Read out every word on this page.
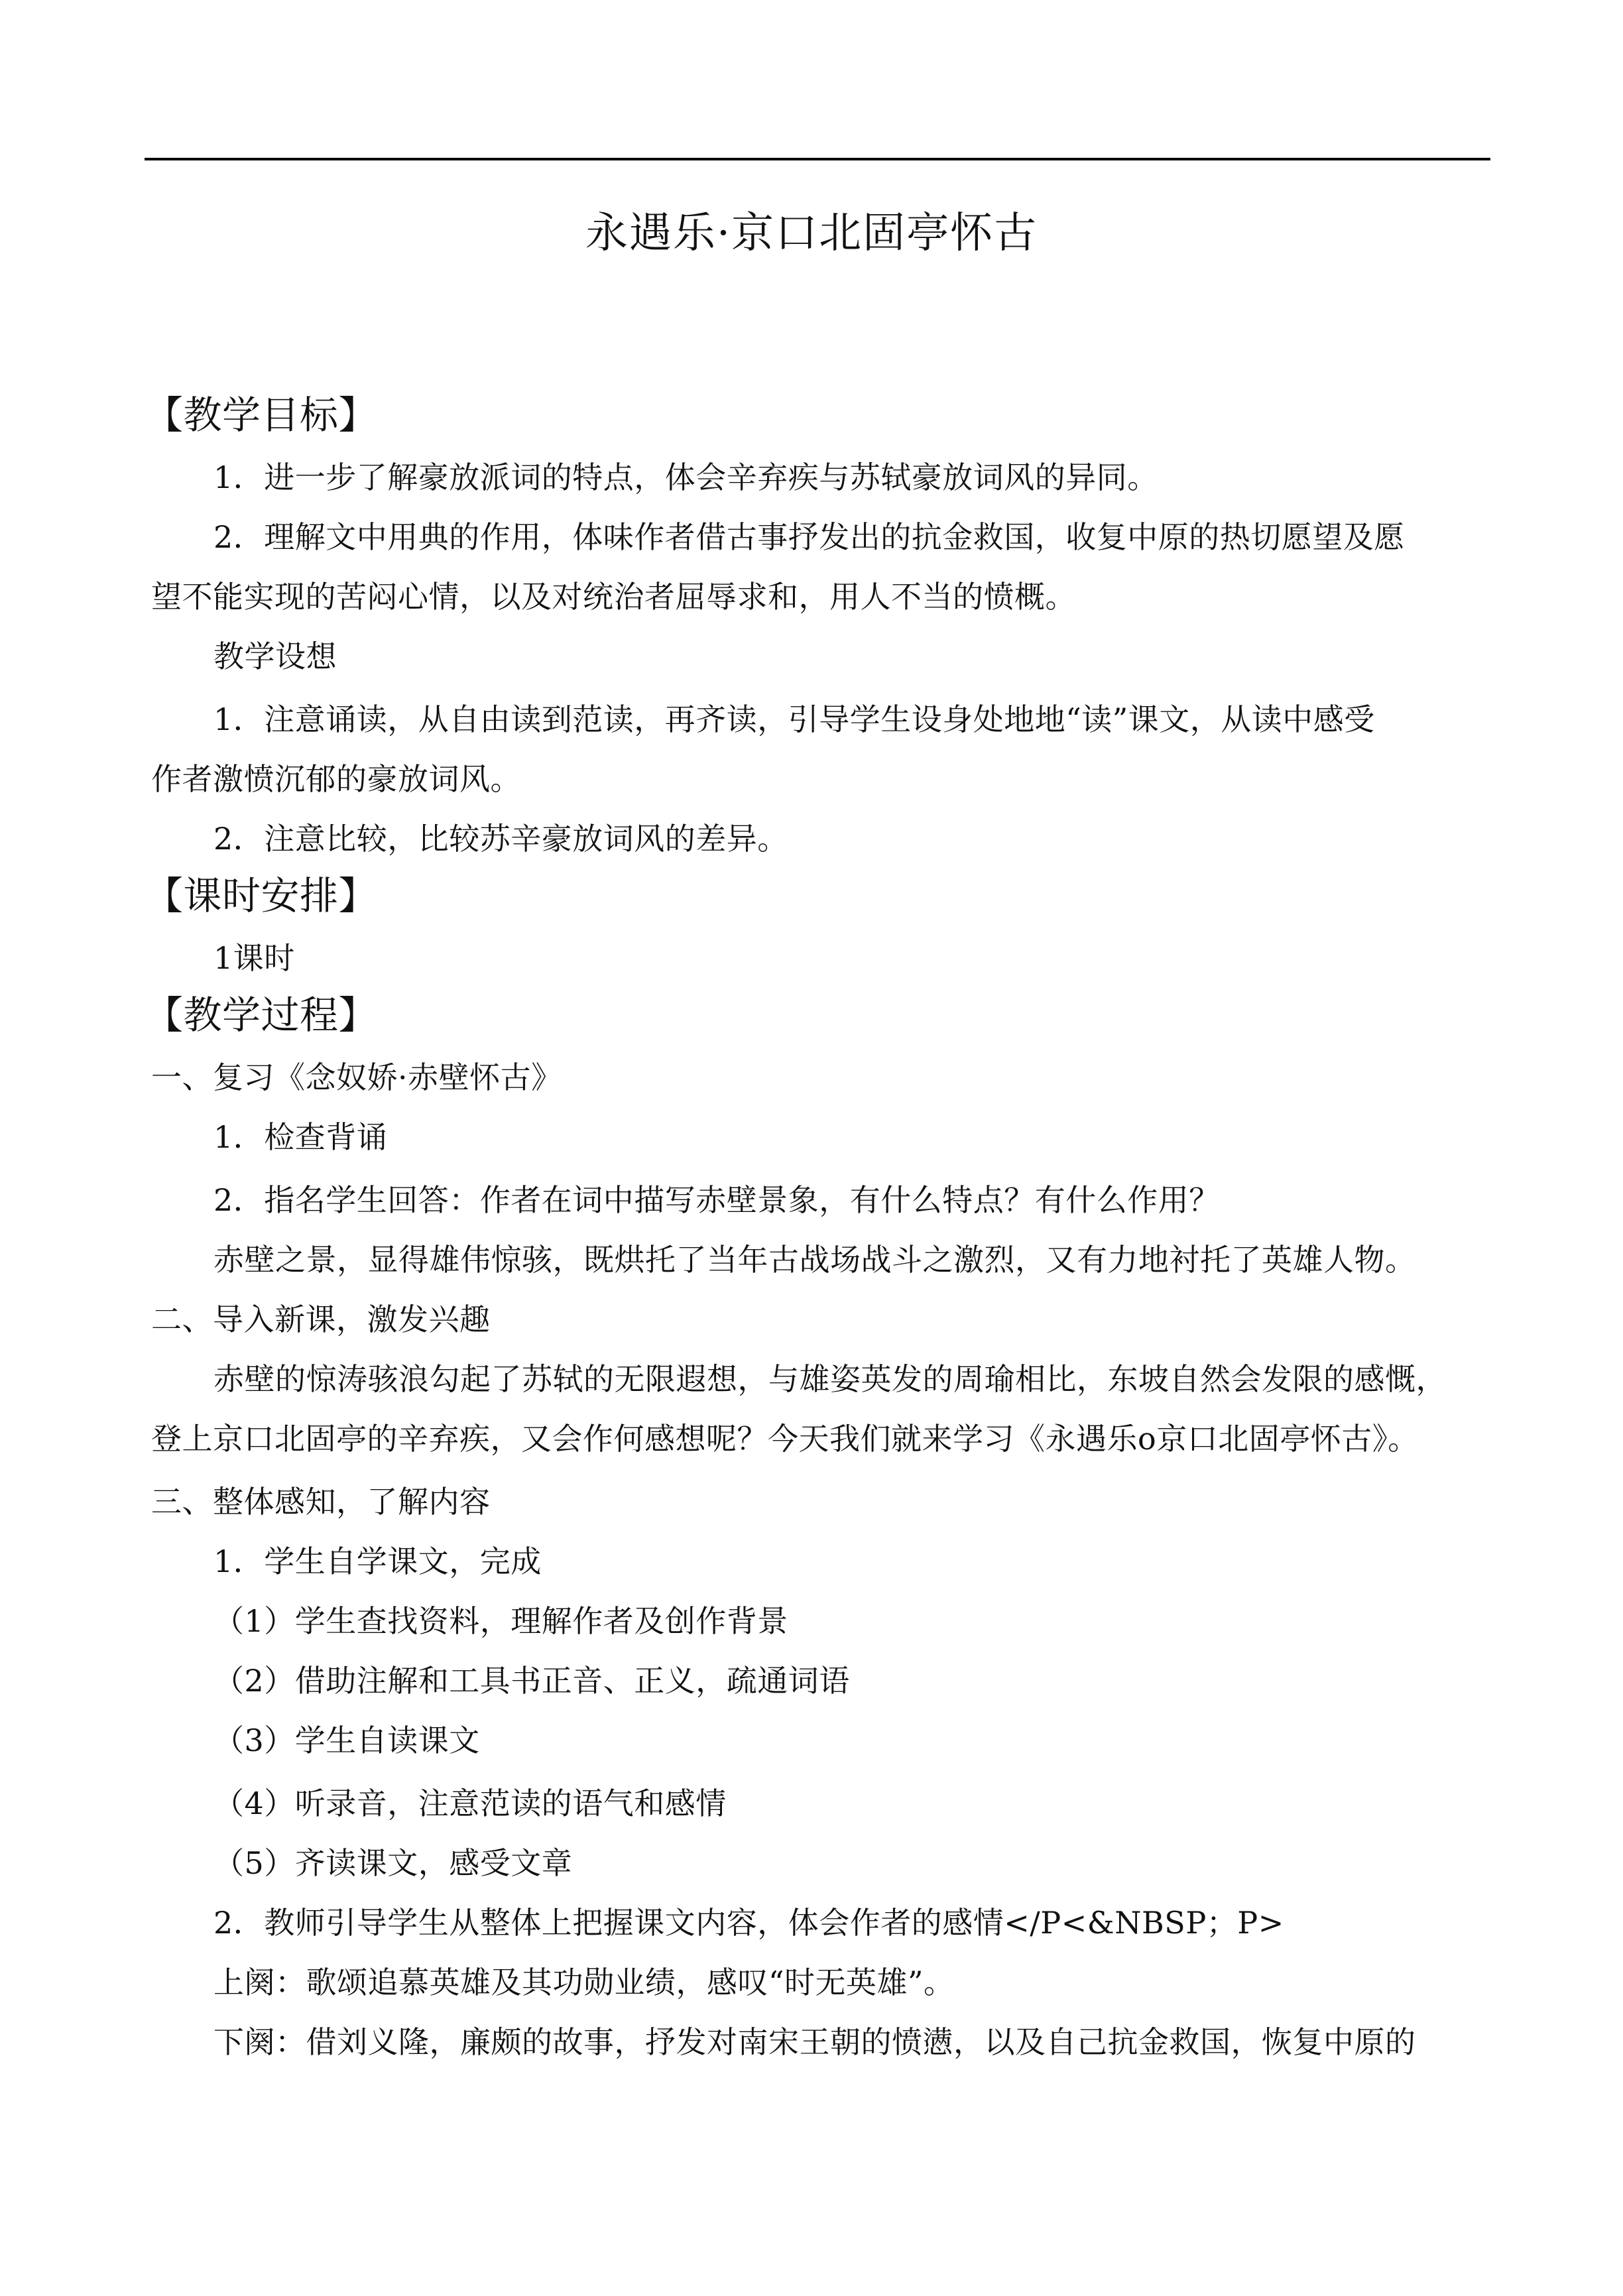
永遇乐·京口北固亭怀古
【教学目标】
1．进一步了解豪放派词的特点，体会辛弃疾与苏轼豪放词风的异同。
2．理解文中用典的作用，体味作者借古事抒发出的抗金救国，收复中原的热切愿望及愿
望不能实现的苦闷心情，以及对统治者屈辱求和，用人不当的愤概。
教学设想
1．注意诵读，从自由读到范读，再齐读，引导学生设身处地地“读”课文，从读中感受
作者激愤沉郁的豪放词风。
2．注意比较，比较苏辛豪放词风的差异。
【课时安排】
1课时
【教学过程】
一、复习《念奴娇·赤壁怀古》
1．检查背诵
2．指名学生回答：作者在词中描写赤壁景象，有什么特点？有什么作用？
赤壁之景，显得雄伟惊骇，既烘托了当年古战场战斗之激烈，又有力地衬托了英雄人物。
二、导入新课，激发兴趣
赤壁的惊涛骇浪勾起了苏轼的无限遐想，与雄姿英发的周瑜相比，东坡自然会发限的感慨，
登上京口北固亭的辛弃疾，又会作何感想呢？今天我们就来学习《永遇乐ο京口北固亭怀古》。
三、整体感知，了解内容
1．学生自学课文，完成
（1）学生查找资料，理解作者及创作背景
（2）借助注解和工具书正音、正义，疏通词语
（3）学生自读课文
（4）听录音，注意范读的语气和感情
（5）齐读课文，感受文章
2．教师引导学生从整体上把握课文内容，体会作者的感情</P<&NBSP；P>
上阕：歌颂追慕英雄及其功勋业绩，感叹“时无英雄”。
下阕：借刘义隆，廉颇的故事，抒发对南宋王朝的愤懑，以及自己抗金救国，恢复中原的
